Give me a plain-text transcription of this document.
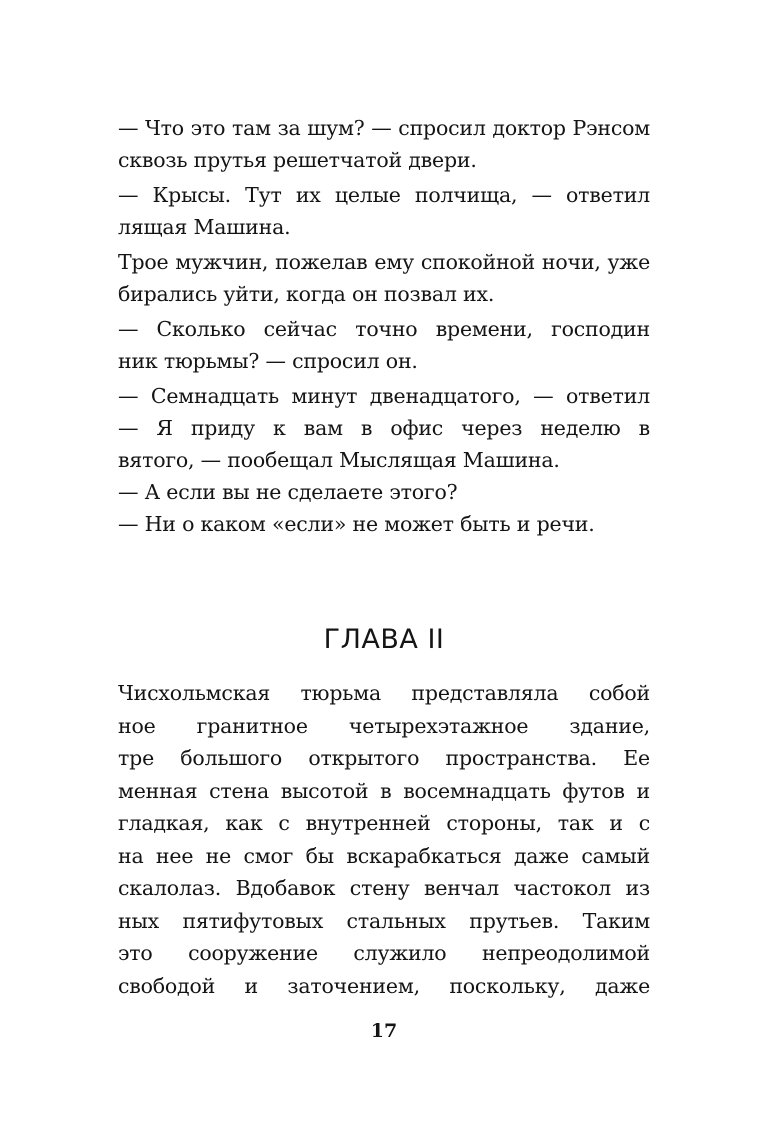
— Что это там за шум? — спросил доктор Рэнсом
сквозь прутья решетчатой двери.
— Крысы. Тут их целые полчища, — ответил
лящая Машина.
Трое мужчин, пожелав ему спокойной ночи, уже
бирались уйти, когда он позвал их.
— Сколько сейчас точно времени, господин
ник тюрьмы? — спросил он.
— Семнадцать минут двенадцатого, — ответил
— Я приду к вам в офис через неделю в
вятого, — пообещал Мыслящая Машина.
— А если вы не сделаете этого?
— Ни о каком «если» не может быть и речи.
ГЛАВА II
Чисхольмская тюрьма представляла собой
ное гранитное четырехэтажное здание,
тре большого открытого пространства. Ее
менная стена высотой в восемнадцать футов и
гладкая, как с внутренней стороны, так и с
на нее не смог бы вскарабкаться даже самый
скалолаз. Вдобавок стену венчал частокол из
ных пятифутовых стальных прутьев. Таким
это сооружение служило непреодолимой
свободой и заточением, поскольку, даже
17
